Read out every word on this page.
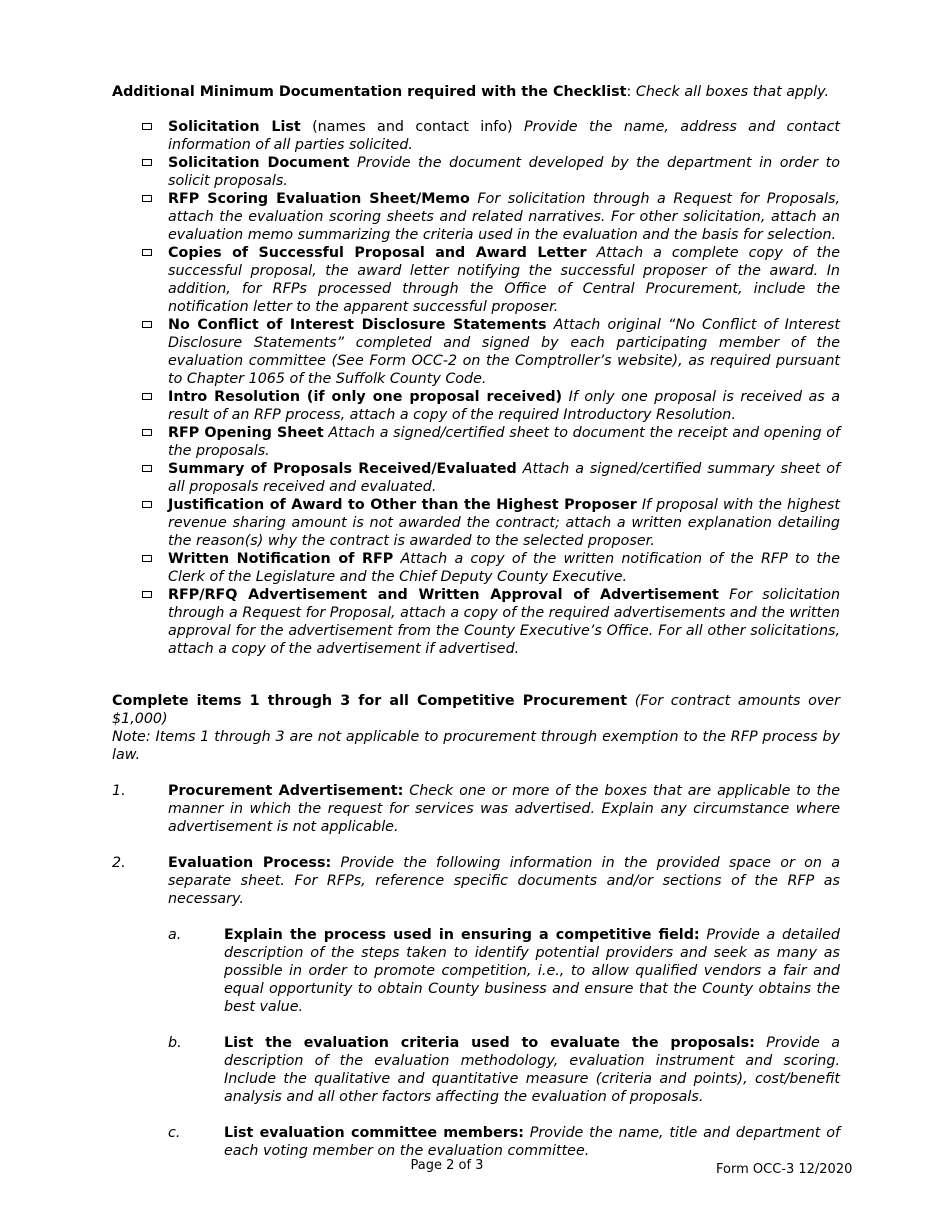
Additional Minimum Documentation required with the Checklist: Check all boxes that apply.

Solicitation List (names and contact info) Provide the name, address and contact information of all parties solicited.
Solicitation Document Provide the document developed by the department in order to solicit proposals.
RFP Scoring Evaluation Sheet/Memo For solicitation through a Request for Proposals, attach the evaluation scoring sheets and related narratives. For other solicitation, attach an evaluation memo summarizing the criteria used in the evaluation and the basis for selection.
Copies of Successful Proposal and Award Letter Attach a complete copy of the successful proposal, the award letter notifying the successful proposer of the award. In addition, for RFPs processed through the Office of Central Procurement, include the notification letter to the apparent successful proposer.
No Conflict of Interest Disclosure Statements Attach original “No Conflict of Interest Disclosure Statements” completed and signed by each participating member of the evaluation committee (See Form OCC-2 on the Comptroller’s website), as required pursuant to Chapter 1065 of the Suffolk County Code.
Intro Resolution (if only one proposal received) If only one proposal is received as a result of an RFP process, attach a copy of the required Introductory Resolution.
RFP Opening Sheet Attach a signed/certified sheet to document the receipt and opening of the proposals.
Summary of Proposals Received/Evaluated Attach a signed/certified summary sheet of all proposals received and evaluated.
Justification of Award to Other than the Highest Proposer If proposal with the highest revenue sharing amount is not awarded the contract; attach a written explanation detailing the reason(s) why the contract is awarded to the selected proposer.
Written Notification of RFP Attach a copy of the written notification of the RFP to the Clerk of the Legislature and the Chief Deputy County Executive.
RFP/RFQ Advertisement and Written Approval of Advertisement For solicitation through a Request for Proposal, attach a copy of the required advertisements and the written approval for the advertisement from the County Executive’s Office. For all other solicitations, attach a copy of the advertisement if advertised.

Complete items 1 through 3 for all Competitive Procurement (For contract amounts over $1,000)
Note: Items 1 through 3 are not applicable to procurement through exemption to the RFP process by law.

1.	Procurement Advertisement: Check one or more of the boxes that are applicable to the manner in which the request for services was advertised. Explain any circumstance where advertisement is not applicable.
2.	Evaluation Process: Provide the following information in the provided space or on a separate sheet. For RFPs, reference specific documents and/or sections of the RFP as necessary.
a.	Explain the process used in ensuring a competitive field: Provide a detailed description of the steps taken to identify potential providers and seek as many as possible in order to promote competition, i.e., to allow qualified vendors a fair and equal opportunity to obtain County business and ensure that the County obtains the best value.
b.	List the evaluation criteria used to evaluate the proposals: Provide a description of the evaluation methodology, evaluation instrument and scoring. Include the qualitative and quantitative measure (criteria and points), cost/benefit analysis and all other factors affecting the evaluation of proposals.
c.	List evaluation committee members: Provide the name, title and department of each voting member on the evaluation committee.
Page 2 of 3	Form OCC-3 12/2020
